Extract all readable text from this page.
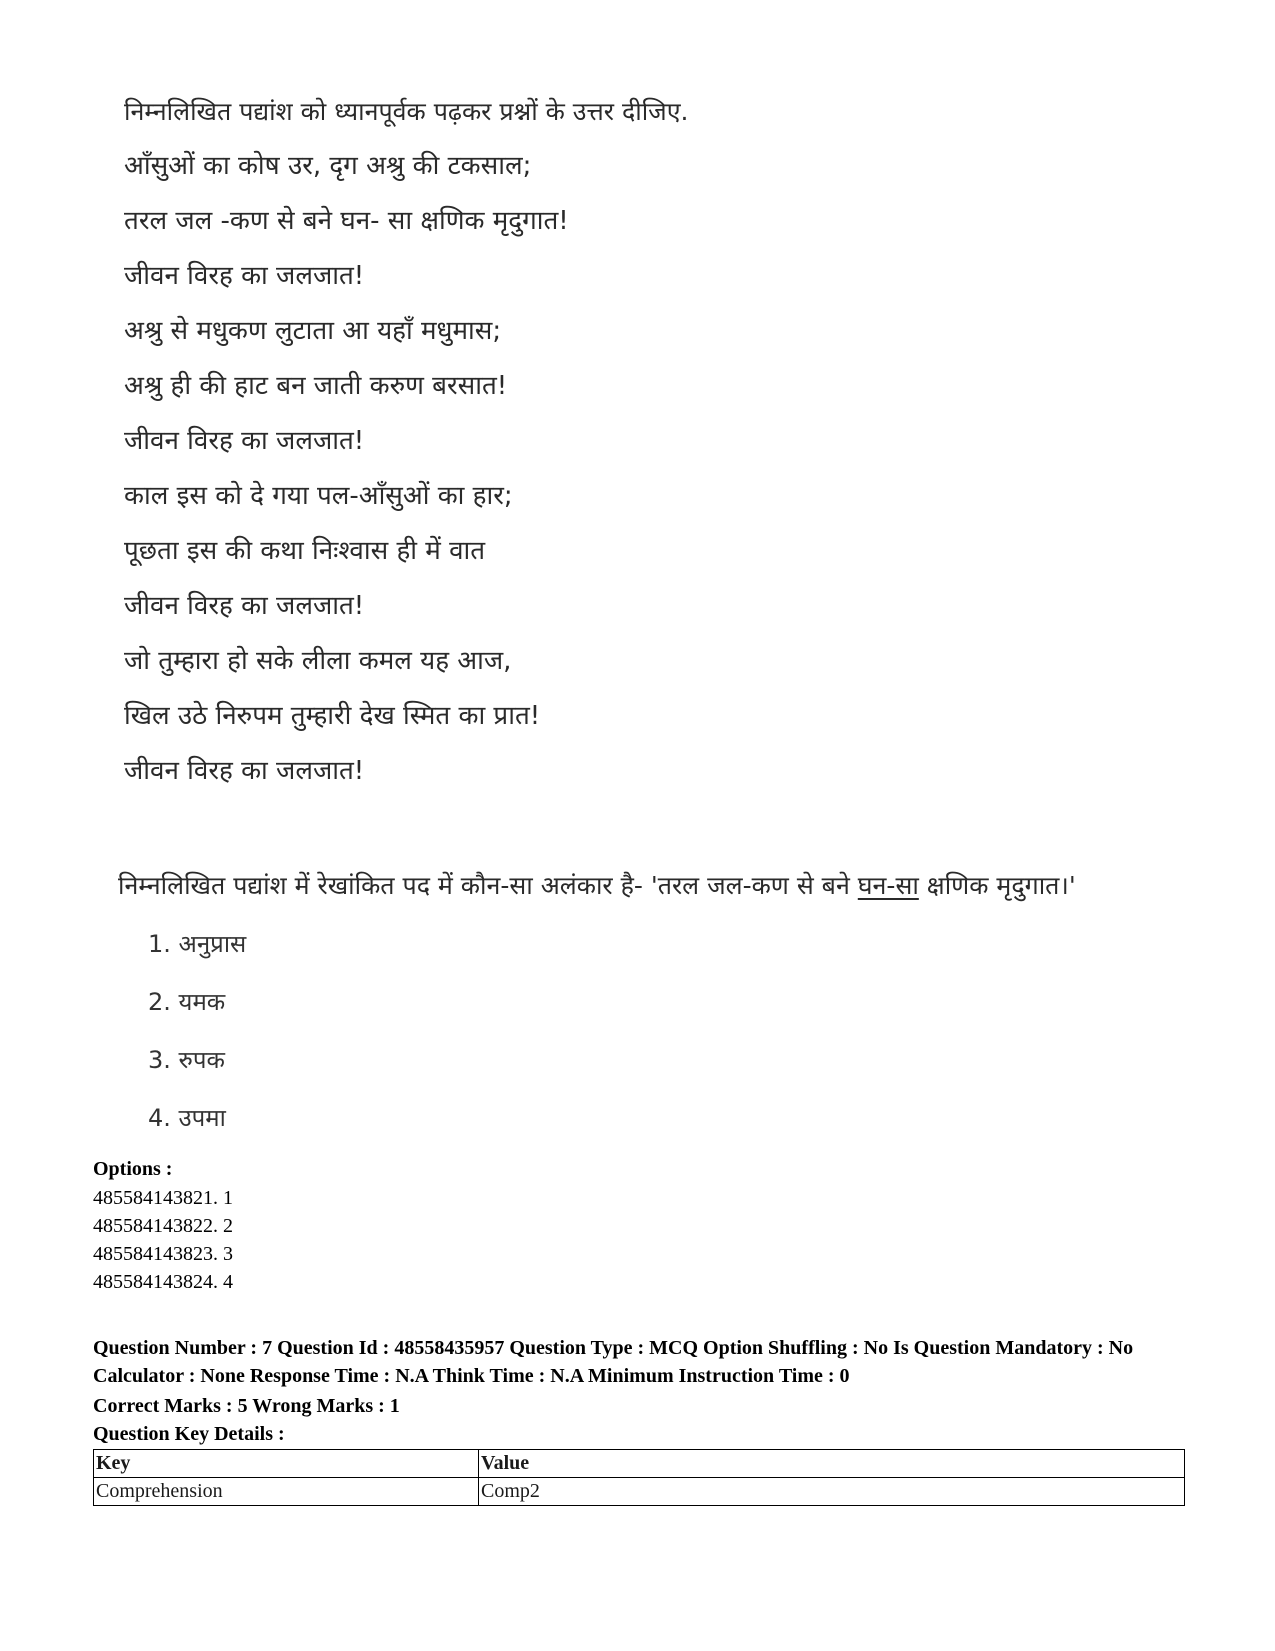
निम्नलिखित पद्यांश को ध्यानपूर्वक पढ़कर प्रश्नों के उत्तर दीजिए.
आँसुओं का कोष उर, दृग अश्रु की टकसाल;
तरल जल -कण से बने घन- सा क्षणिक मृदुगात!
जीवन विरह का जलजात!
अश्रु से मधुकण लुटाता आ यहाँ मधुमास;
अश्रु ही की हाट बन जाती करुण बरसात!
जीवन विरह का जलजात!
काल इस को दे गया पल-आँसुओं का हार;
पूछता इस की कथा निःश्वास ही में वात
जीवन विरह का जलजात!
जो तुम्हारा हो सके लीला कमल यह आज,
खिल उठे निरुपम तुम्हारी देख स्मित का प्रात!
जीवन विरह का जलजात!
निम्नलिखित पद्यांश में रेखांकित पद में कौन-सा अलंकार है- 'तरल जल-कण से बने घन-सा क्षणिक मृदुगात।'
1. अनुप्रास
2. यमक
3. रुपक
4. उपमा
Options :
485584143821. 1
485584143822. 2
485584143823. 3
485584143824. 4
Question Number : 7 Question Id : 48558435957 Question Type : MCQ Option Shuffling : No Is Question Mandatory : No Calculator : None Response Time : N.A Think Time : N.A Minimum Instruction Time : 0
Correct Marks : 5 Wrong Marks : 1
Question Key Details :
Key	Value
Comprehension	Comp2
